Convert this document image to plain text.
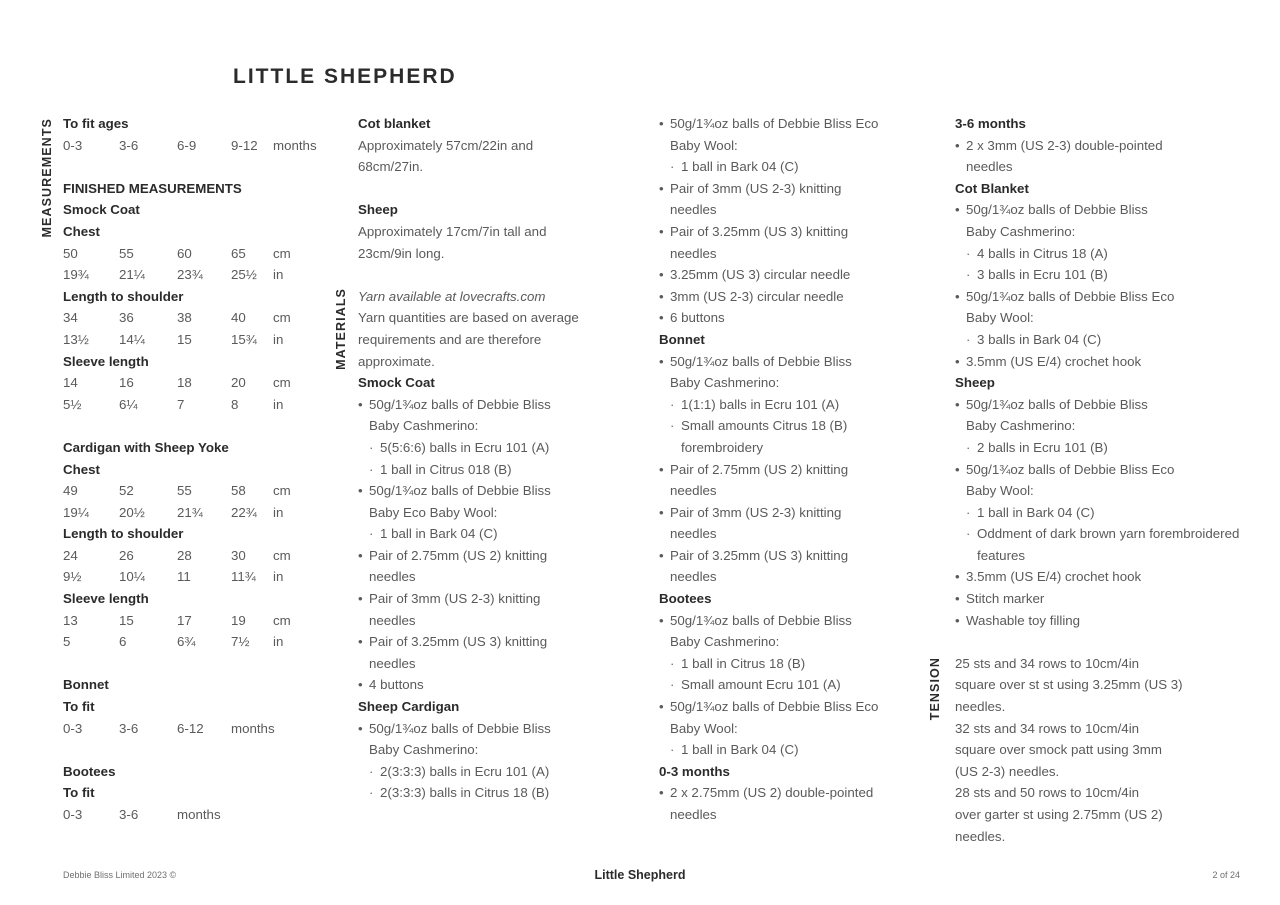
LITTLE SHEPHERD
MEASUREMENTS
MATERIALS
TENSION
To fit ages
0-3	3-6	6-9	9-12	months
FINISHED MEASUREMENTS
Smock Coat
Chest
50	55	60	65	cm
19¾	21¼	23¾	25½	in
Length to shoulder
34	36	38	40	cm
13½	14¼	15	15¾	in
Sleeve length
14	16	18	20	cm
5½	6¼	7	8	in
Cardigan with Sheep Yoke
Chest
49	52	55	58	cm
19¼	20½	21¾	22¾	in
Length to shoulder
24	26	28	30	cm
9½	10¼	11	11¾	in
Sleeve length
13	15	17	19	cm
5	6	6¾	7½	in
Bonnet
To fit
0-3	3-6	6-12	months
Bootees
To fit
0-3	3-6	months
Cot blanket
Approximately 57cm/22in and
68cm/27in.
Sheep
Approximately 17cm/7in tall and
23cm/9in long.
Yarn available at lovecrafts.com
Yarn quantities are based on average
requirements and are therefore
approximate.
Smock Coat
• 50g/1¾oz balls of Debbie Bliss
Baby Cashmerino:
· 5(5:6:6) balls in Ecru 101 (A)
· 1 ball in Citrus 018 (B)
• 50g/1¾oz balls of Debbie Bliss
Baby Eco Baby Wool:
· 1 ball in Bark 04 (C)
• Pair of 2.75mm (US 2) knitting
needles
• Pair of 3mm (US 2-3) knitting
needles
• Pair of 3.25mm (US 3) knitting
needles
• 4 buttons
Sheep Cardigan
• 50g/1¾oz balls of Debbie Bliss
Baby Cashmerino:
· 2(3:3:3) balls in Ecru 101 (A)
· 2(3:3:3) balls in Citrus 18 (B)
• 50g/1¾oz balls of Debbie Bliss Eco
Baby Wool:
· 1 ball in Bark 04 (C)
• Pair of 3mm (US 2-3) knitting
needles
• Pair of 3.25mm (US 3) knitting
needles
• 3.25mm (US 3) circular needle
• 3mm (US 2-3) circular needle
• 6 buttons
Bonnet
• 50g/1¾oz balls of Debbie Bliss
Baby Cashmerino:
· 1(1:1) balls in Ecru 101 (A)
· Small amounts Citrus 18 (B) forembroidery
• Pair of 2.75mm (US 2) knitting
needles
• Pair of 3mm (US 2-3) knitting
needles
• Pair of 3.25mm (US 3) knitting
needles
Bootees
• 50g/1¾oz balls of Debbie Bliss
Baby Cashmerino:
· 1 ball in Citrus 18 (B)
· Small amount Ecru 101 (A)
• 50g/1¾oz balls of Debbie Bliss Eco
Baby Wool:
· 1 ball in Bark 04 (C)
0-3 months
• 2 x 2.75mm (US 2) double-pointed
needles
3-6 months
• 2 x 3mm (US 2-3) double-pointed
needles
Cot Blanket
• 50g/1¾oz balls of Debbie Bliss
Baby Cashmerino:
· 4 balls in Citrus 18 (A)
· 3 balls in Ecru 101 (B)
• 50g/1¾oz balls of Debbie Bliss Eco
Baby Wool:
· 3 balls in Bark 04 (C)
• 3.5mm (US E/4) crochet hook
Sheep
• 50g/1¾oz balls of Debbie Bliss
Baby Cashmerino:
· 2 balls in Ecru 101 (B)
• 50g/1¾oz balls of Debbie Bliss Eco
Baby Wool:
· 1 ball in Bark 04 (C)
· Oddment of dark brown yarn forembroidered features
• 3.5mm (US E/4) crochet hook
• Stitch marker
• Washable toy filling
25 sts and 34 rows to 10cm/4in
square over st st using 3.25mm (US 3)
needles.
32 sts and 34 rows to 10cm/4in
square over smock patt using 3mm
(US 2-3) needles.
28 sts and 50 rows to 10cm/4in
over garter st using 2.75mm (US 2)
needles.
Debbie Bliss Limited 2023 ©	Little Shepherd	2 of 24
